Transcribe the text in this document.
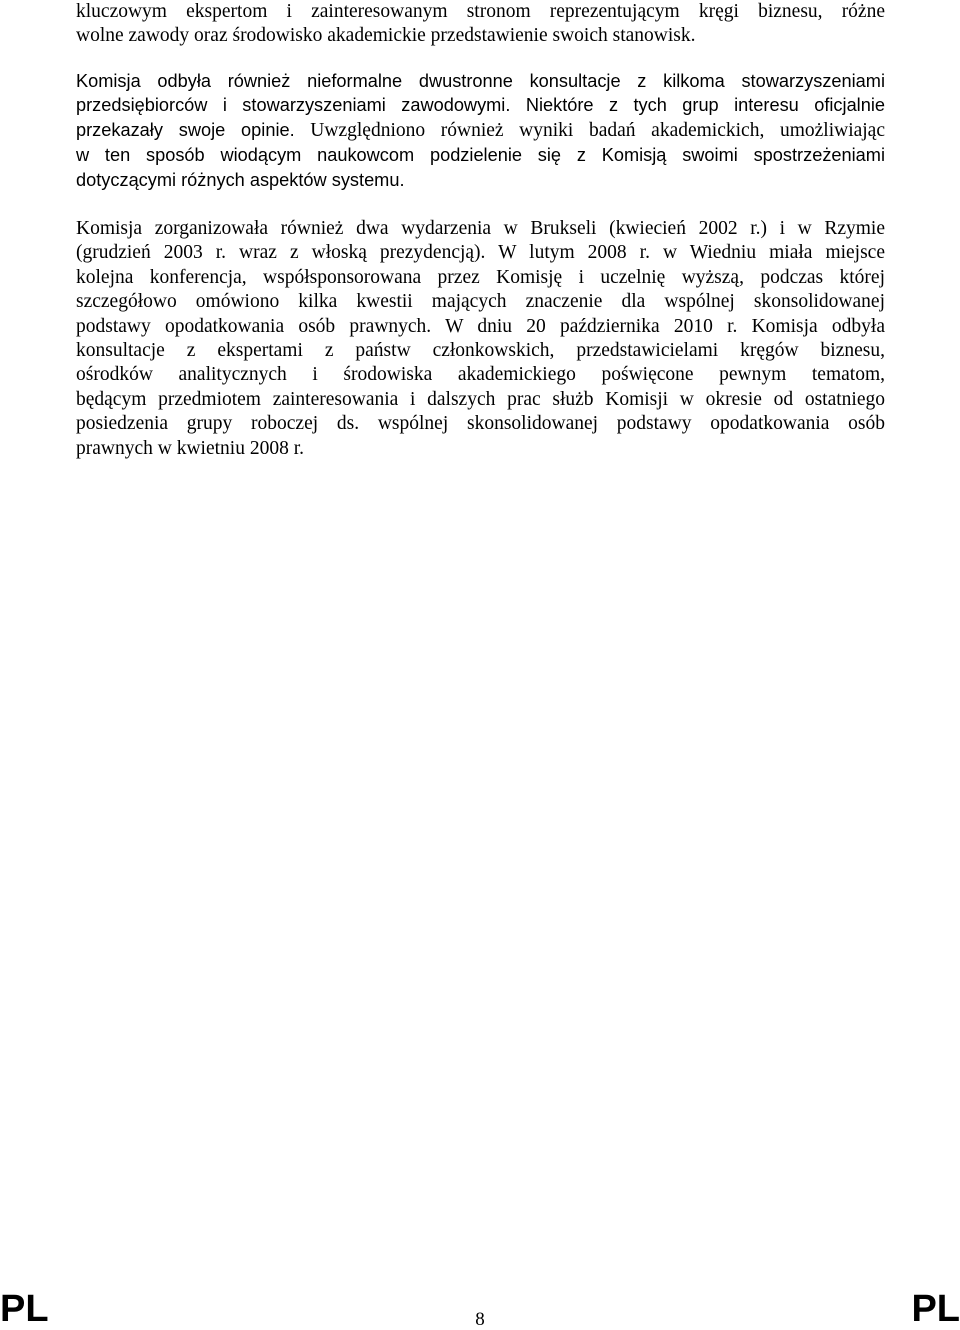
kluczowym ekspertom i zainteresowanym stronom reprezentującym kręgi biznesu, różne
wolne zawody oraz środowisko akademickie przedstawienie swoich stanowisk.
Komisja odbyła również nieformalne dwustronne konsultacje z kilkoma stowarzyszeniami
przedsiębiorców i stowarzyszeniami zawodowymi. Niektóre z tych grup interesu oficjalnie
przekazały swoje opinie. Uwzględniono również wyniki badań akademickich, umożliwiając
w ten sposób wiodącym naukowcom podzielenie się z Komisją swoimi spostrzeżeniami
dotyczącymi różnych aspektów systemu.
Komisja zorganizowała również dwa wydarzenia w Brukseli (kwiecień 2002 r.) i w Rzymie
(grudzień 2003 r. wraz z włoską prezydencją). W lutym 2008 r. w Wiedniu miała miejsce
kolejna konferencja, współsponsorowana przez Komisję i uczelnię wyższą, podczas której
szczegółowo omówiono kilka kwestii mających znaczenie dla wspólnej skonsolidowanej
podstawy opodatkowania osób prawnych. W dniu 20 października 2010 r. Komisja odbyła
konsultacje z ekspertami z państw członkowskich, przedstawicielami kręgów biznesu,
ośrodków analitycznych i środowiska akademickiego poświęcone pewnym tematom,
będącym przedmiotem zainteresowania i dalszych prac służb Komisji w okresie od ostatniego
posiedzenia grupy roboczej ds. wspólnej skonsolidowanej podstawy opodatkowania osób
prawnych w kwietniu 2008 r.
PL	8	PL
